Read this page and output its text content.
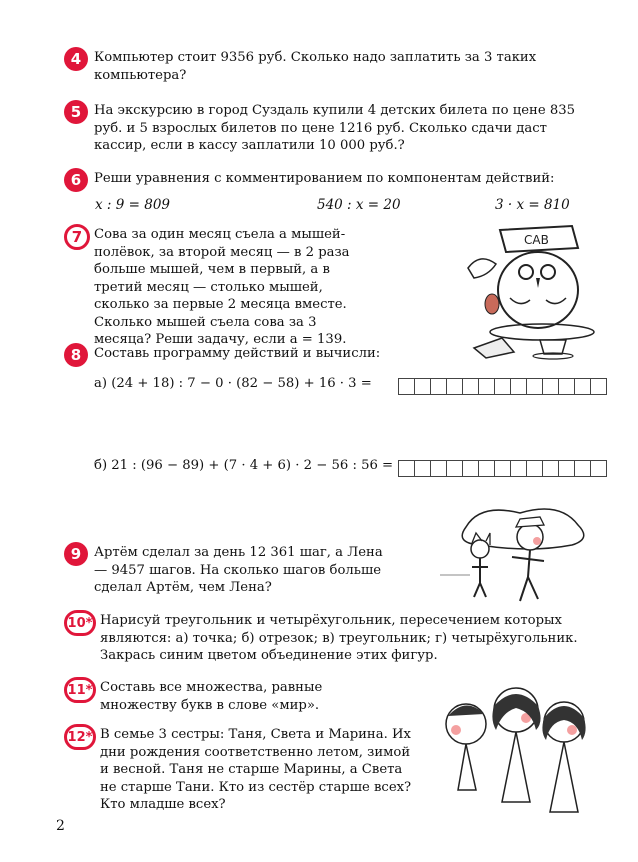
4 Компьютер стоит 9356 руб. Сколько надо заплатить за 3 таких компьютера?
5 На экскурсию в город Суздаль купили 4 детских билета по цене 835 руб. и 5 взрослых билетов по цене 1216 руб. Сколько сдачи даст кассир, если в кассу заплатили 10 000 руб.?
6 Реши уравнения с комментированием по компонентам действий:
x : 9 = 809	540 : x = 20	3 · x = 810
7 Сова за один месяц съела a мышей-полёвок, за второй месяц — в 2 раза больше мышей, чем в первый, а в третий месяц — столько мышей, сколько за первые 2 месяца вместе. Сколько мышей съела сова за 3 месяца? Реши задачу, если a = 139.
САВ
8 Составь программу действий и вычисли:
а) (24 + 18) : 7 − 0 · (82 − 58) + 16 · 3 =
б) 21 : (96 − 89) + (7 · 4 + 6) · 2 − 56 : 56 =
9 Артём сделал за день 12 361 шаг, а Лена — 9457 шагов. На сколько шагов больше сделал Артём, чем Лена?
10* Нарисуй треугольник и четырёхугольник, пересечением которых являются: а) точка; б) отрезок; в) треугольник; г) четырёхугольник. Закрась синим цветом объединение этих фигур.
11* Составь все множества, равные множеству букв в слове «мир».
12* В семье 3 сестры: Таня, Света и Марина. Их дни рождения соответственно летом, зимой и весной. Таня не старше Марины, а Света не старше Тани. Кто из сестёр старше всех? Кто младше всех?
2
